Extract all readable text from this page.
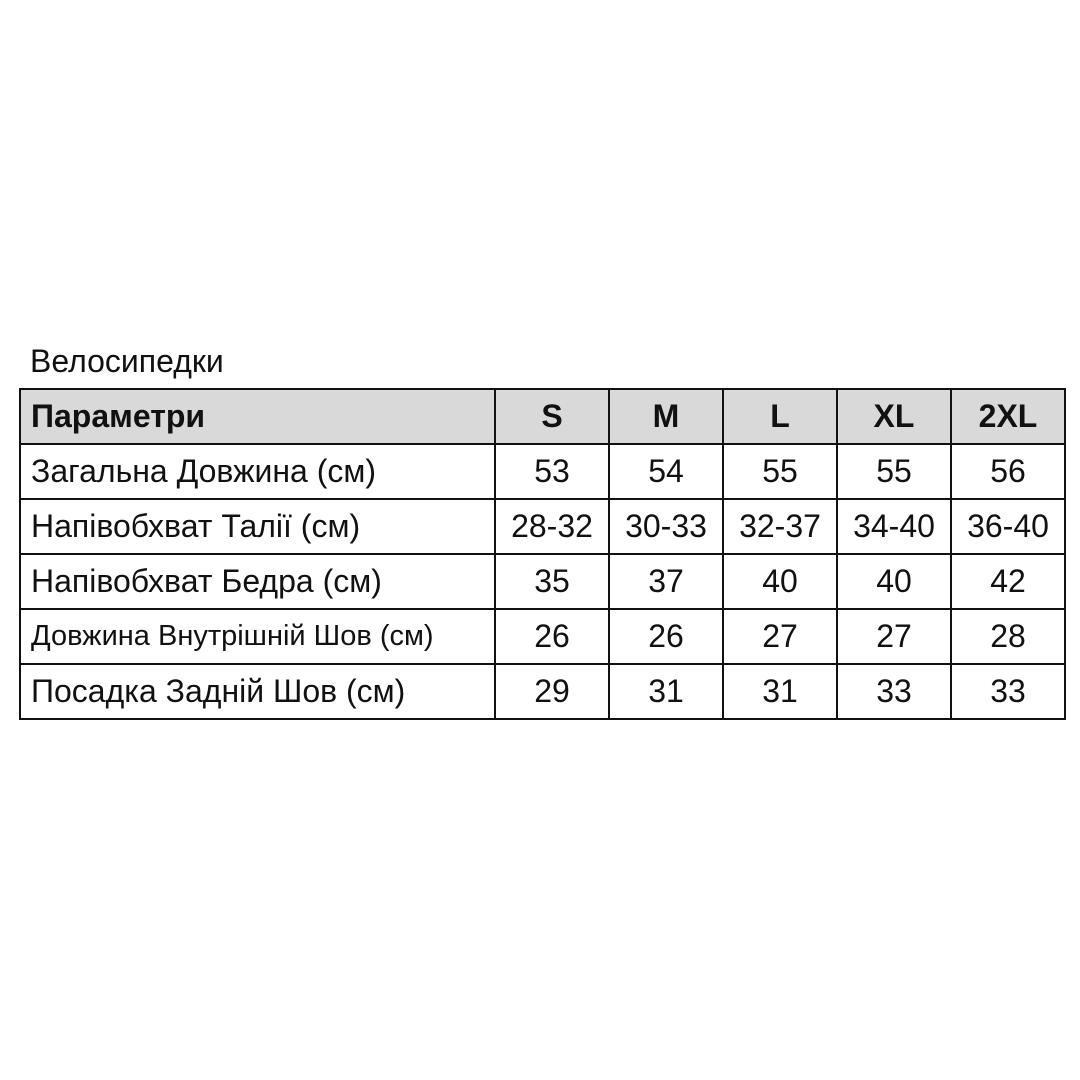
Велосипедки
Параметри	S	M	L	XL	2XL
Загальна Довжина (см)	53	54	55	55	56
Напівобхват Талії (см)	28-32	30-33	32-37	34-40	36-40
Напівобхват Бедра (см)	35	37	40	40	42
Довжина Внутрішній Шов (см)	26	26	27	27	28
Посадка Задній Шов (см)	29	31	31	33	33
